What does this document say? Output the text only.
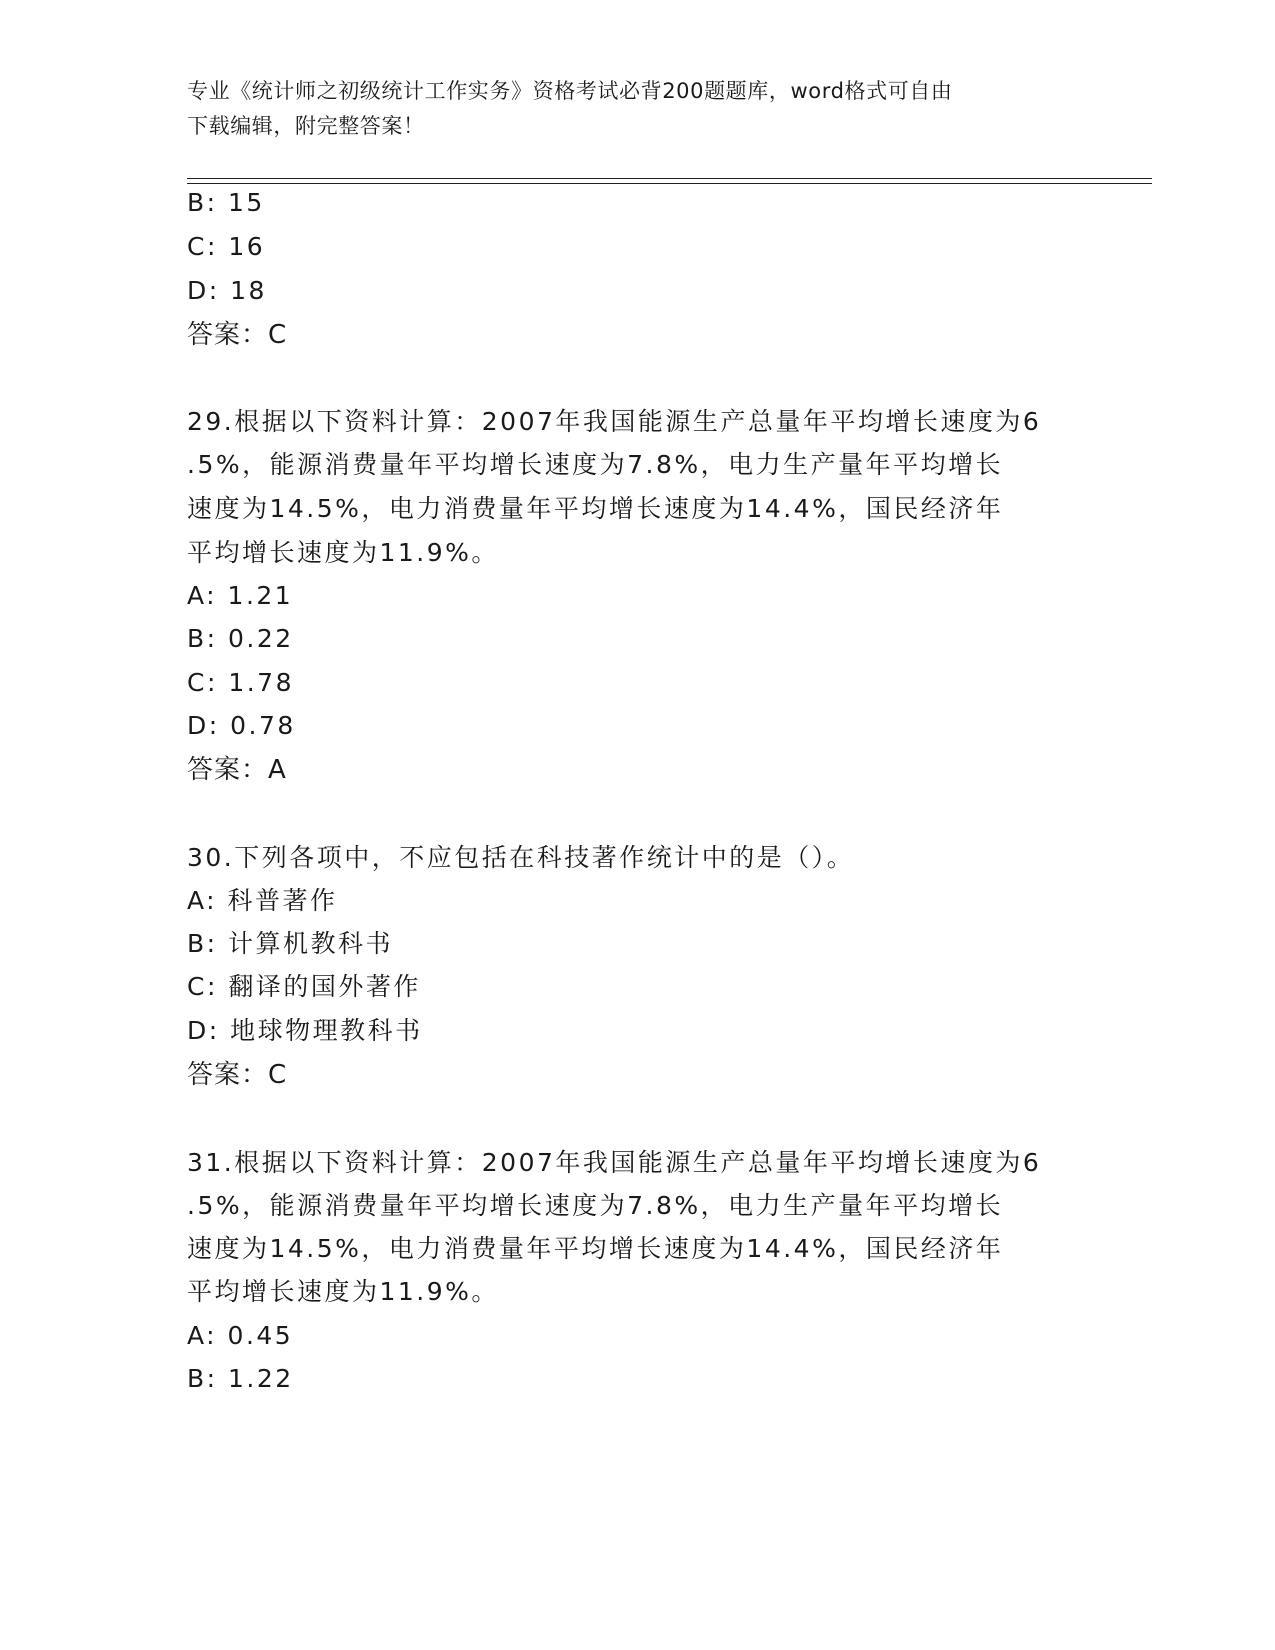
专业《统计师之初级统计工作实务》资格考试必背200题题库，word格式可自由
下载编辑，附完整答案！
B: 15
C: 16
D: 18
答案：C
29.根据以下资料计算：2007年我国能源生产总量年平均增长速度为6
.5%，能源消费量年平均增长速度为7.8%，电力生产量年平均增长
速度为14.5%，电力消费量年平均增长速度为14.4%，国民经济年
平均增长速度为11.9%。
A: 1.21
B: 0.22
C: 1.78
D: 0.78
答案：A
30.下列各项中，不应包括在科技著作统计中的是（）。
A: 科普著作
B: 计算机教科书
C: 翻译的国外著作
D: 地球物理教科书
答案：C
31.根据以下资料计算：2007年我国能源生产总量年平均增长速度为6
.5%，能源消费量年平均增长速度为7.8%，电力生产量年平均增长
速度为14.5%，电力消费量年平均增长速度为14.4%，国民经济年
平均增长速度为11.9%。
A: 0.45
B: 1.22
